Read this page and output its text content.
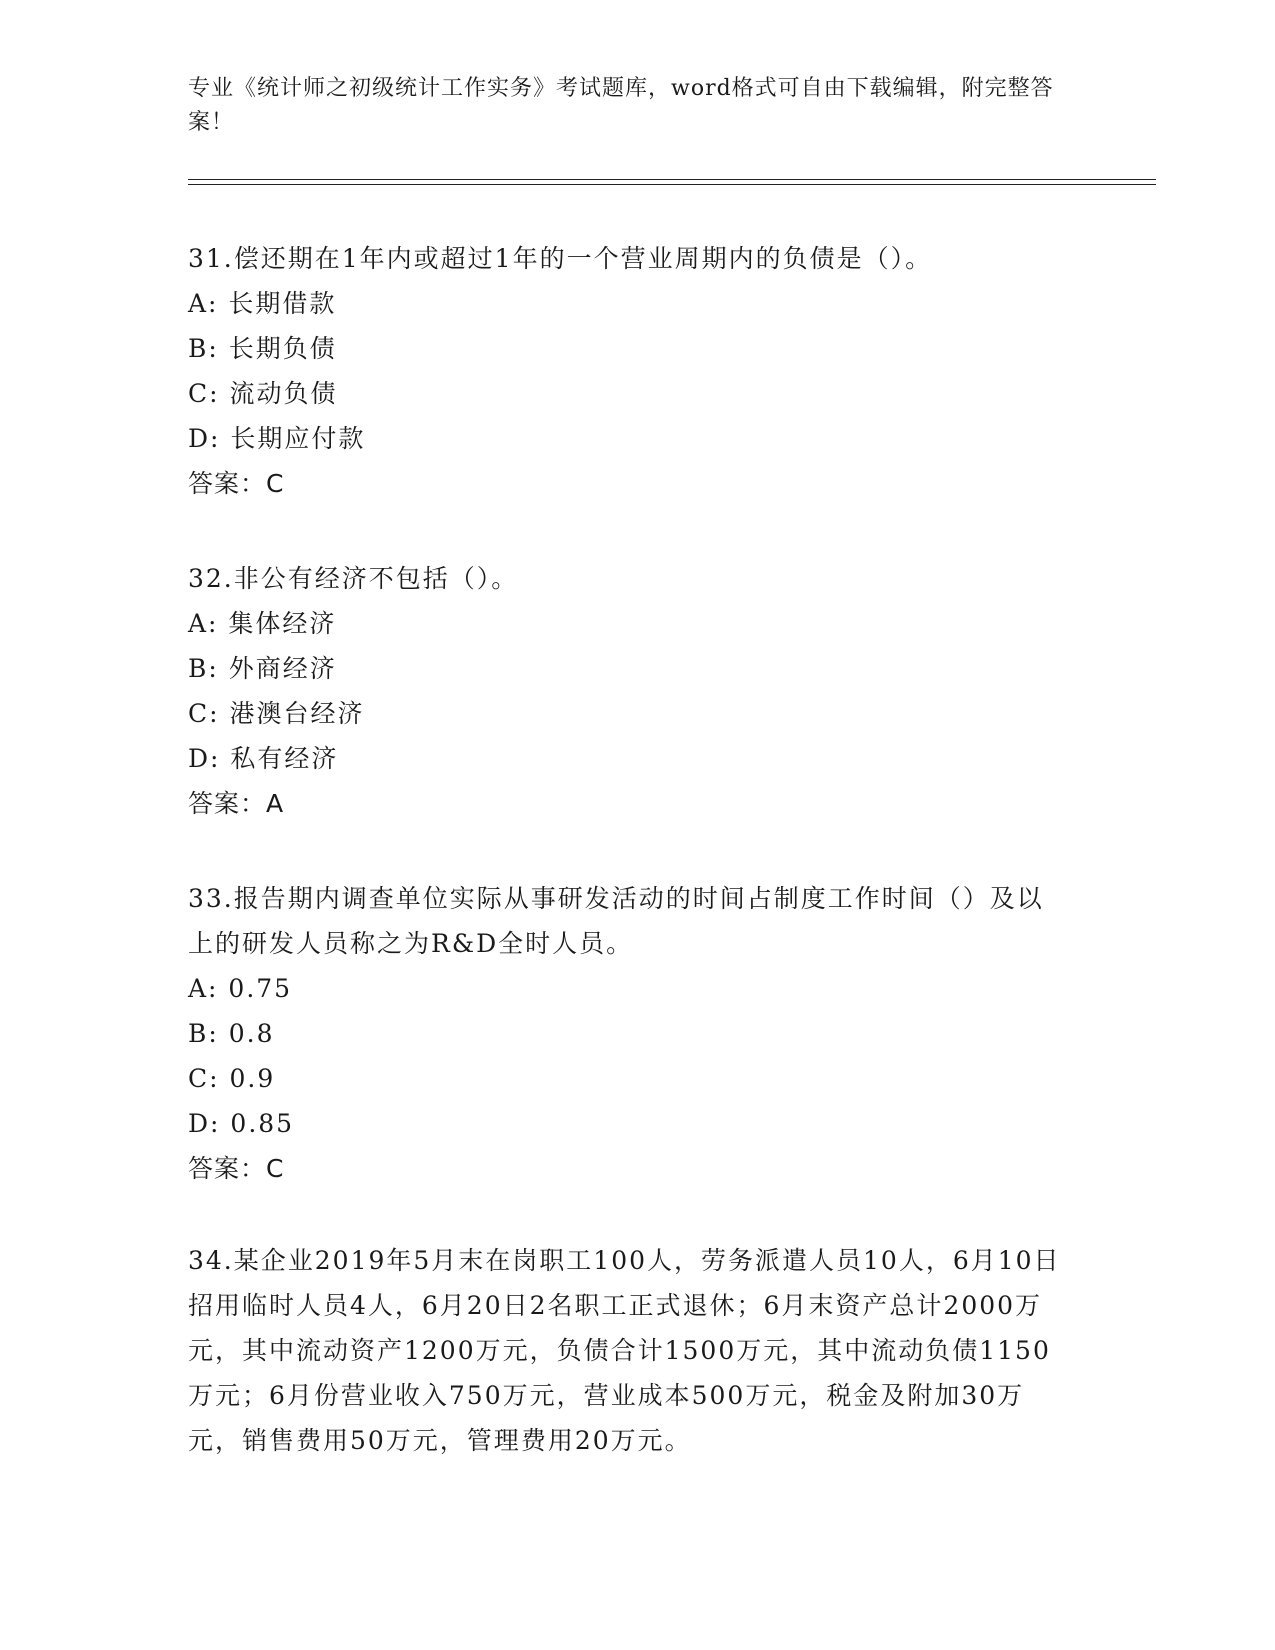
专业《统计师之初级统计工作实务》考试题库，word格式可自由下载编辑，附完整答案！
31.偿还期在1年内或超过1年的一个营业周期内的负债是（）。
A: 长期借款
B: 长期负债
C: 流动负债
D: 长期应付款
答案：C
32.非公有经济不包括（）。
A: 集体经济
B: 外商经济
C: 港澳台经济
D: 私有经济
答案：A
33.报告期内调查单位实际从事研发活动的时间占制度工作时间（）及以上的研发人员称之为R&D全时人员。
A: 0.75
B: 0.8
C: 0.9
D: 0.85
答案：C
34.某企业2019年5月末在岗职工100人，劳务派遣人员10人，6月10日招用临时人员4人，6月20日2名职工正式退休；6月末资产总计2000万元，其中流动资产1200万元，负债合计1500万元，其中流动负债1150万元；6月份营业收入750万元，营业成本500万元，税金及附加30万元，销售费用50万元，管理费用20万元。
